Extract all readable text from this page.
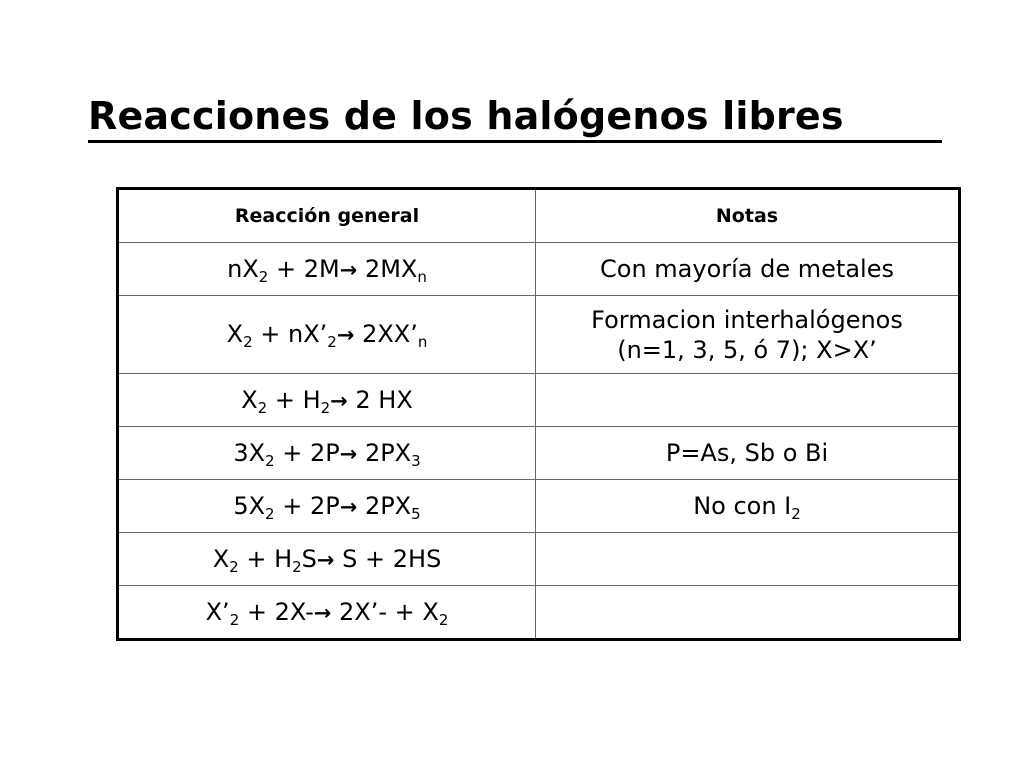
Reacciones de los halógenos libres
Reacción general	Notas
$nX_2 + 2M\to 2MX_n$	Con mayoría de metales
$X_2$ + $nX’_2\to$ $2XX’_n$	Formacion interhalógenos
(n=1, 3, 5, ó 7); X>X’
$X_2 + H_2\to 2$ HX	
$3X_2 + 2P\to 2PX_3$	P=As, Sb o Bi
$5X_2 + 2P\to 2PX_5$	No con $I_2$
$X_2 + H_2S\to S + 2HS$	
$X’_2 + 2X-\to$ 2X’- + $X_2$	
